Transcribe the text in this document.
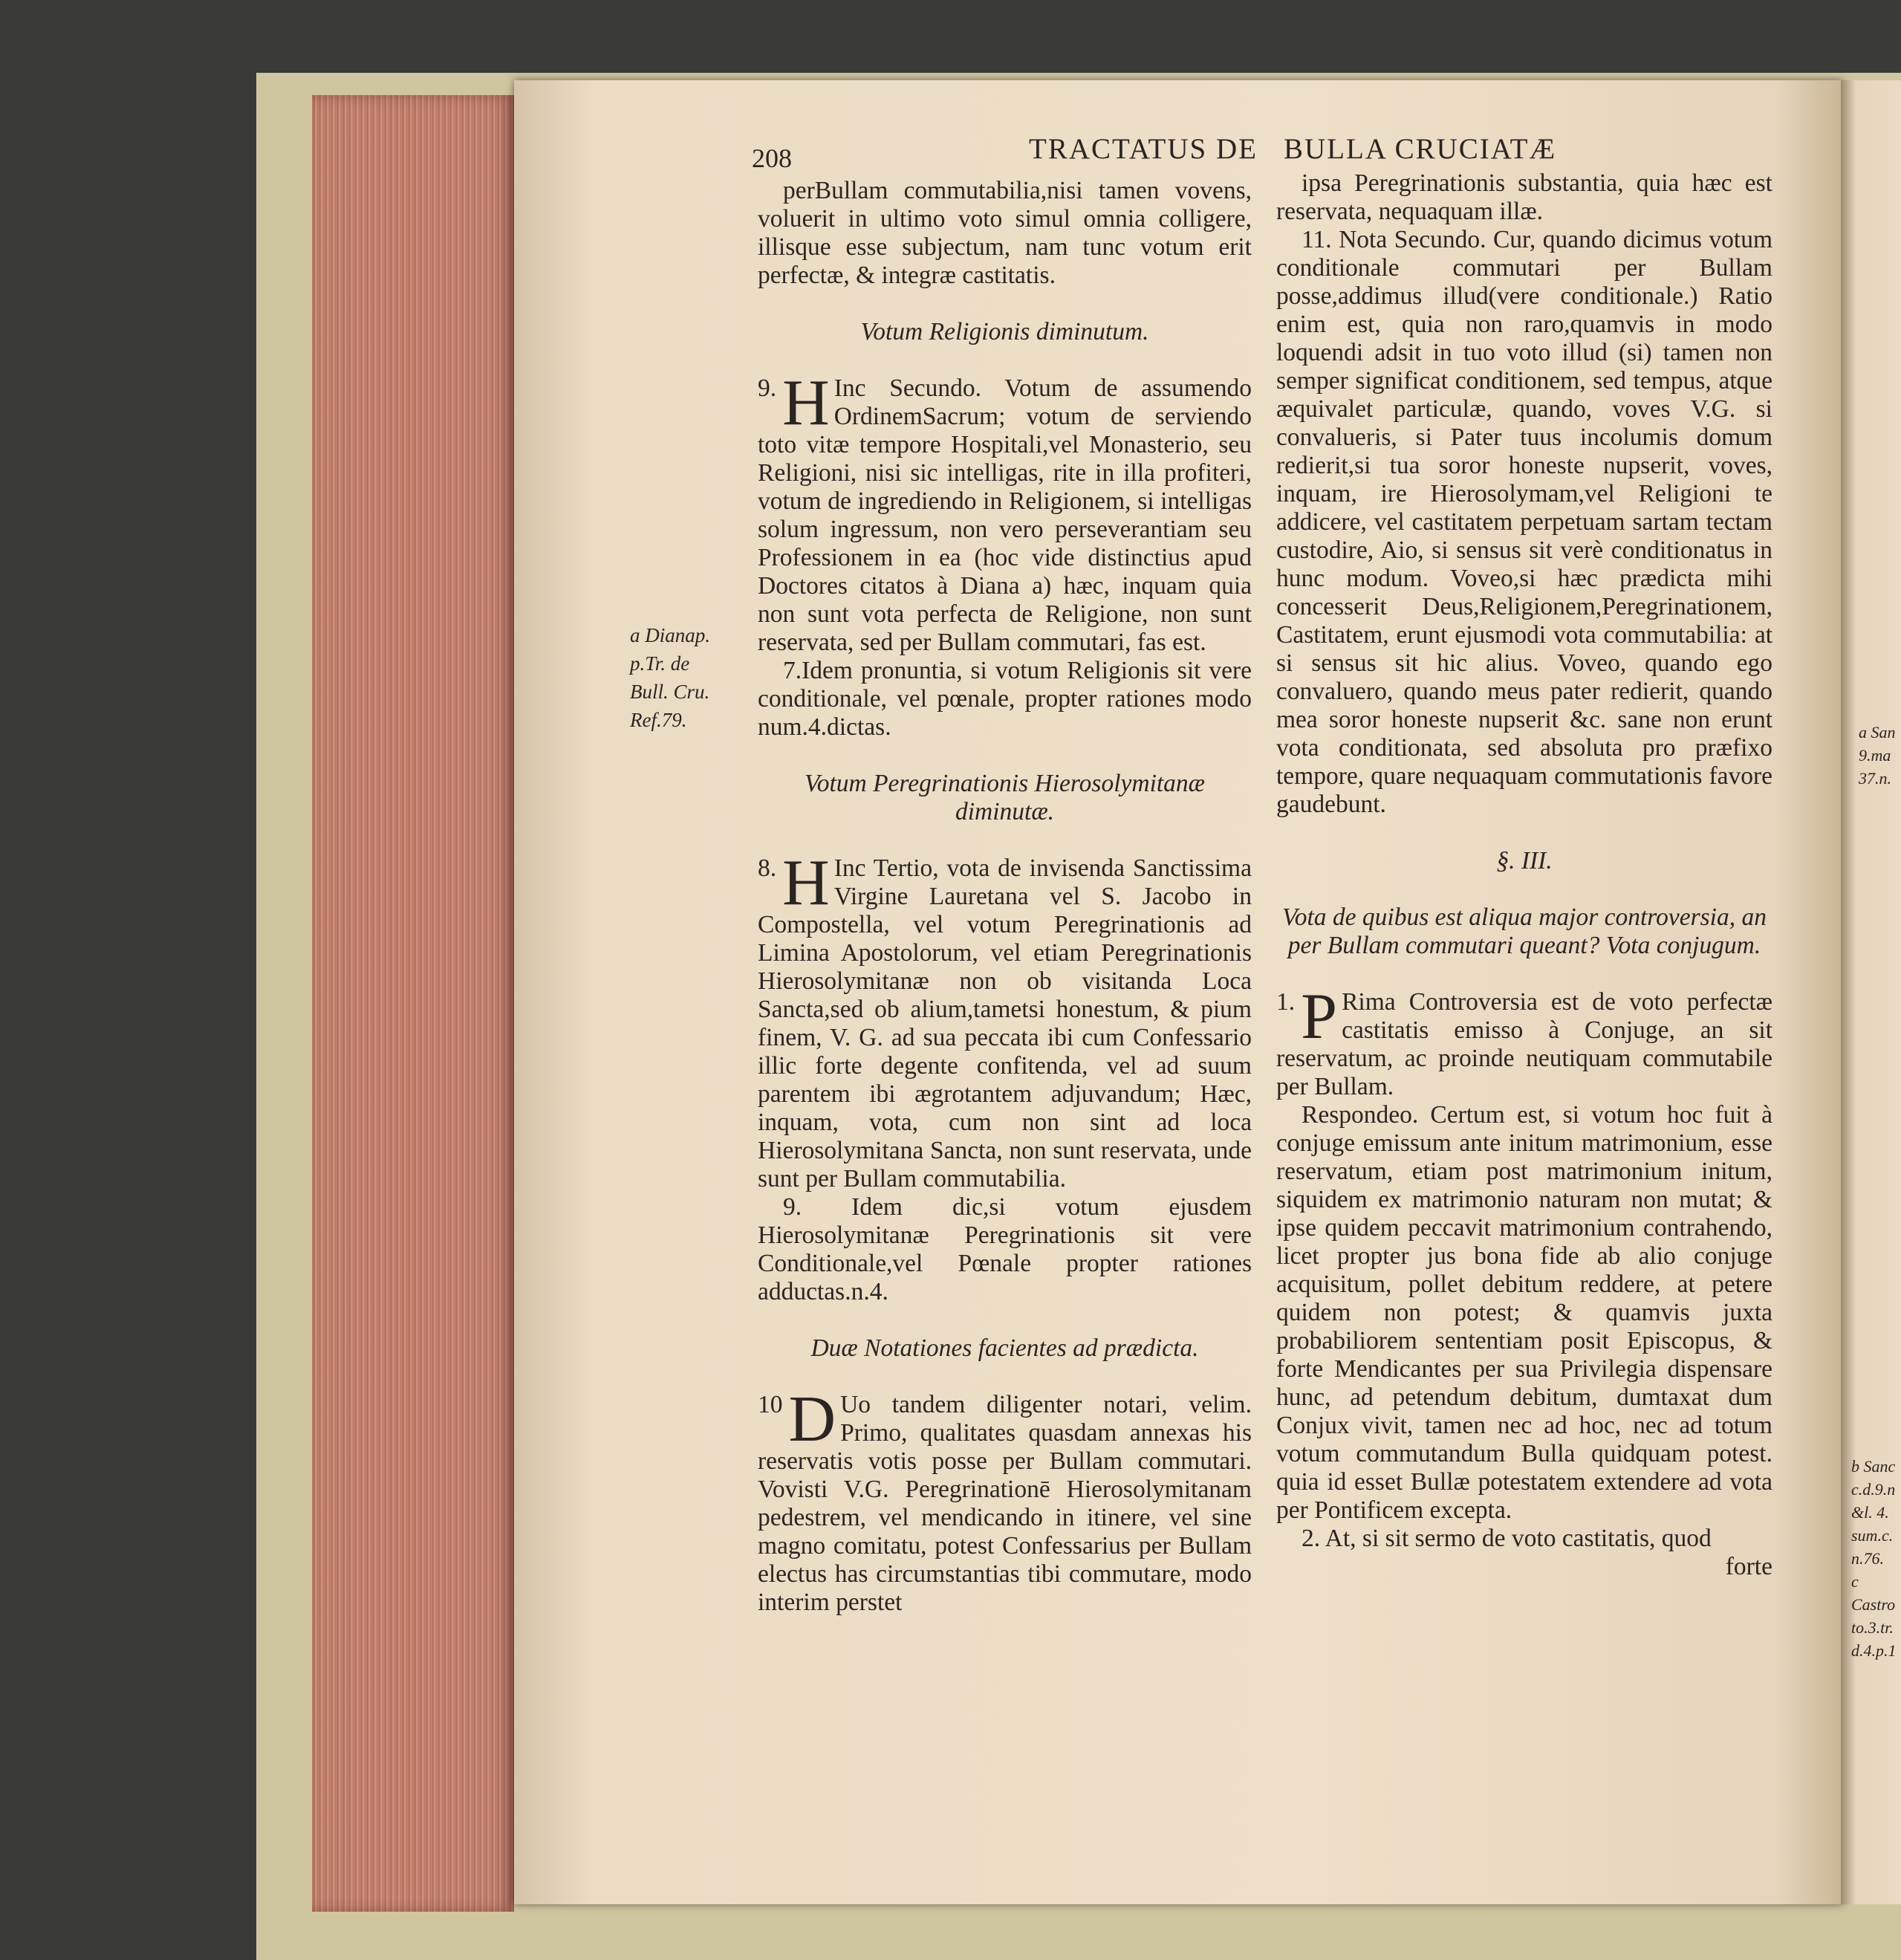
208	TRACTATUS DE BULLA CRUCIATÆ

perBullam commutabilia,nisi tamen vovens, voluerit in ultimo voto simul omnia colligere, illisque esse subjectum, nam tunc votum erit perfectæ, & integræ castitatis.

Votum Religionis diminutum.

9. H Inc Secundo. Votum de assumendo OrdinemSacrum; votum de serviendo toto vitæ tempore Hospitali,vel Monasterio, seu Religioni, nisi sic intelligas, rite in illa profiteri, votum de ingrediendo in Religionem, si intelligas solum ingressum, non vero perseverantiam seu Professionem in ea (hoc vide distinctius apud Doctores citatos à Diana a) hæc, inquam quia non sunt vota perfecta de Religione, non sunt reservata, sed per Bullam commutari, fas est.

7.Idem pronuntia, si votum Religionis sit vere conditionale, vel pœnale, propter rationes modo num.4.dictas.

Votum Peregrinationis Hierosolymitanæ diminutæ.

8. H Inc Tertio, vota de invisenda Sanctissima Virgine Lauretana vel S. Jacobo in Compostella, vel votum Peregrinationis ad Limina Apostolorum, vel etiam Peregrinationis Hierosolymitanæ non ob visitanda Loca Sancta,sed ob alium,tametsi honestum, & pium finem, V. G. ad sua peccata ibi cum Confessario illic forte degente confitenda, vel ad suum parentem ibi ægrotantem adjuvandum; Hæc, inquam, vota, cum non sint ad loca Hierosolymitana Sancta, non sunt reservata, unde sunt per Bullam commutabilia.

9. Idem dic,si votum ejusdem Hierosolymitanæ Peregrinationis sit vere Conditionale,vel Pœnale propter rationes adductas.n.4.

Duæ Notationes facientes ad prædicta.

10 D Uo tandem diligenter notari, velim. Primo, qualitates quasdam annexas his reservatis votis posse per Bullam commutari. Vovisti V.G. Peregrinationē Hierosolymitanam pedestrem, vel mendicando in itinere, vel sine magno comitatu, potest Confessarius per Bullam electus has circumstantias tibi commutare, modo interim perstet

ipsa Peregrinationis substantia, quia hæc est reservata, nequaquam illæ.

11. Nota Secundo. Cur, quando dicimus votum conditionale commutari per Bullam posse,addimus illud(vere conditionale.) Ratio enim est, quia non raro,quamvis in modo loquendi adsit in tuo voto illud (si) tamen non semper significat conditionem, sed tempus, atque æquivalet particulæ, quando, voves V.G. si convalueris, si Pater tuus incolumis domum redierit,si tua soror honeste nupserit, voves, inquam, ire Hierosolymam,vel Religioni te addicere, vel castitatem perpetuam sartam tectam custodire, Aio, si sensus sit verè conditionatus in hunc modum. Voveo,si hæc prædicta mihi concesserit Deus,Religionem,Peregrinationem, Castitatem, erunt ejusmodi vota commutabilia: at si sensus sit hic alius. Voveo, quando ego convaluero, quando meus pater redierit, quando mea soror honeste nupserit &c. sane non erunt vota conditionata, sed absoluta pro præfixo tempore, quare nequaquam commutationis favore gaudebunt.

§. III.

Vota de quibus est aliqua major controversia, an per Bullam commutari queant? Vota conjugum.

1. P Rima Controversia est de voto perfectæ castitatis emisso à Conjuge, an sit reservatum, ac proinde neutiquam commutabile per Bullam.

Respondeo. Certum est, si votum hoc fuit à conjuge emissum ante initum matrimonium, esse reservatum, etiam post matrimonium initum, siquidem ex matrimonio naturam non mutat; & ipse quidem peccavit matrimonium contrahendo, licet propter jus bona fide ab alio conjuge acquisitum, pollet debitum reddere, at petere quidem non potest; & quamvis juxta probabiliorem sententiam posit Episcopus, & forte Mendicantes per sua Privilegia dispensare hunc, ad petendum debitum, dumtaxat dum Conjux vivit, tamen nec ad hoc, nec ad totum votum commutandum Bulla quidquam potest. quia id esset Bullæ potestatem extendere ad vota per Pontificem excepta.

2. At, si sit sermo de voto castitatis, quod

forte

a Dianap.
p.Tr. de
Bull. Cru.
Ref.79.
a San
9.ma
37.n.
b Sanc
c.d.9.n
&l. 4.
sum.c.
n.76.
c Castro
to.3.tr.
d.4.p.1
